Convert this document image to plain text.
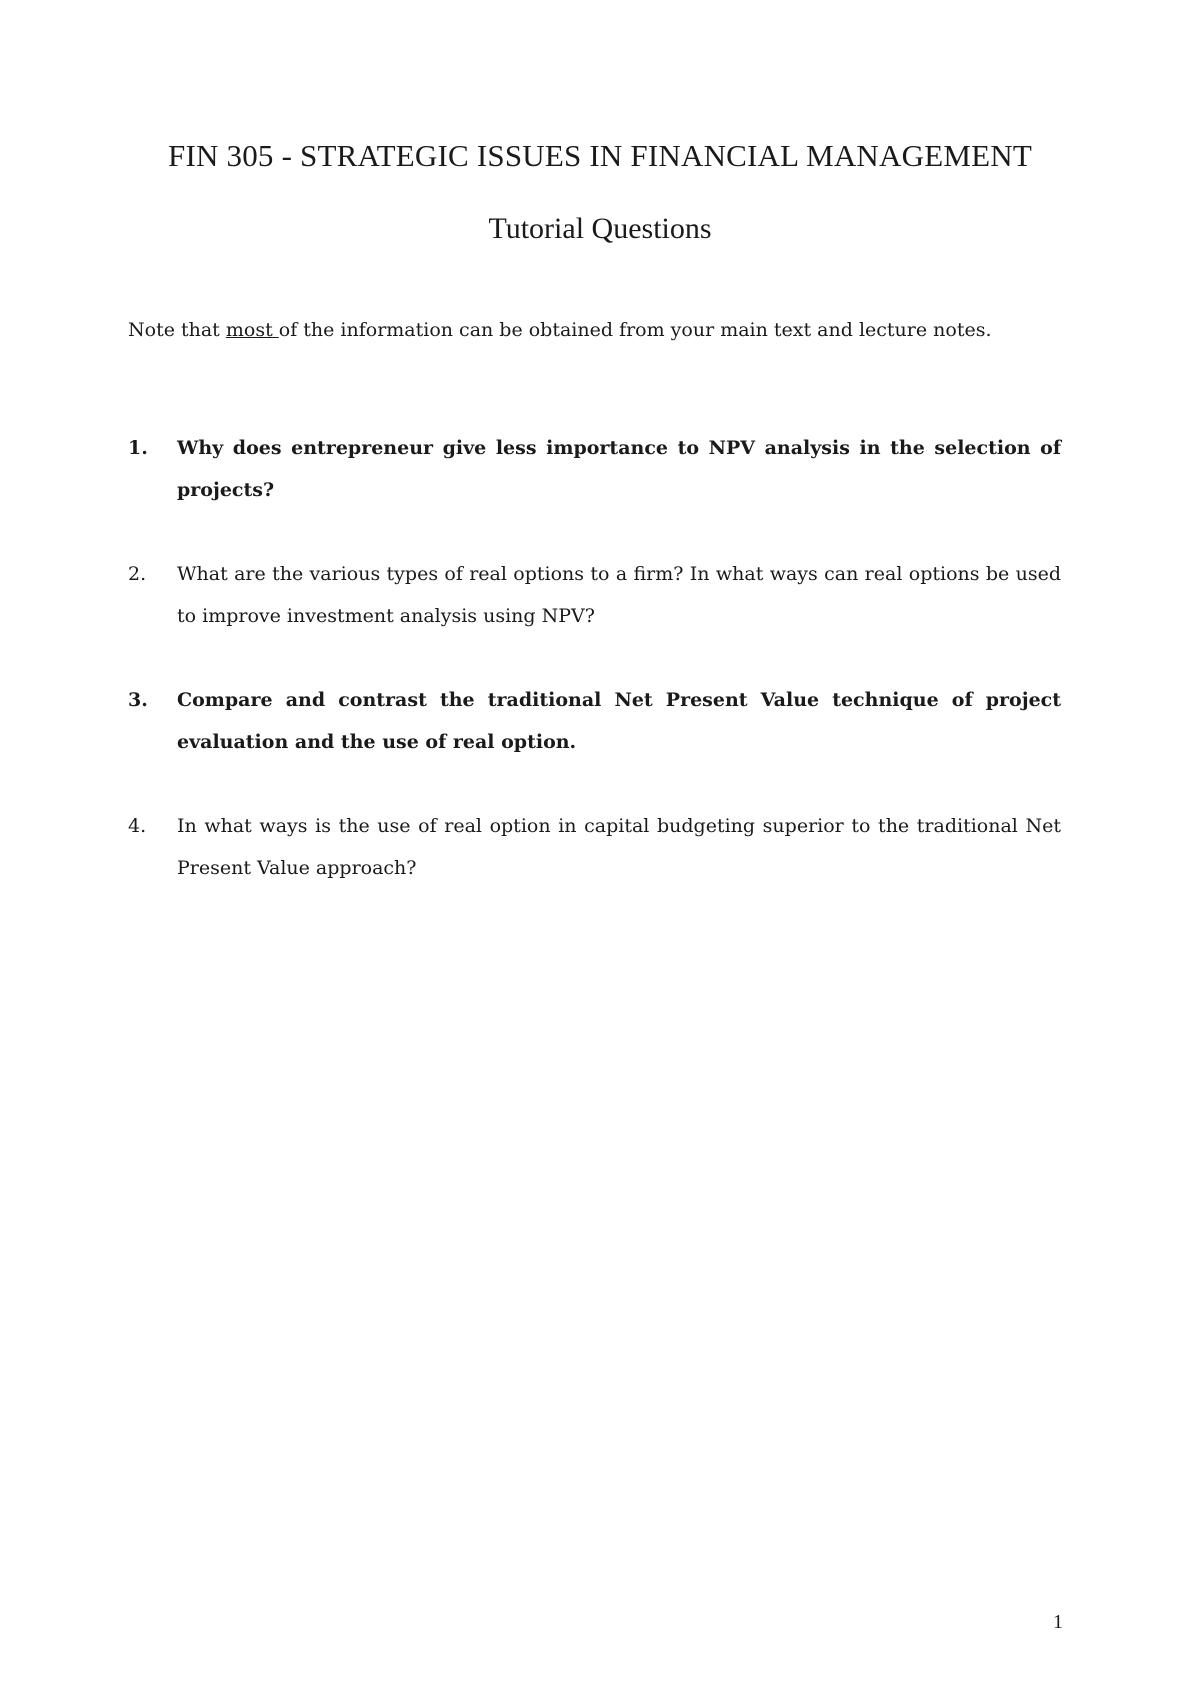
FIN 305 - STRATEGIC ISSUES IN FINANCIAL MANAGEMENT
Tutorial Questions

Note that most of the information can be obtained from your main text and lecture notes.

1. Why does entrepreneur give less importance to NPV analysis in the selection of projects?
2. What are the various types of real options to a firm? In what ways can real options be used to improve investment analysis using NPV?
3. Compare and contrast the traditional Net Present Value technique of project evaluation and the use of real option.
4. In what ways is the use of real option in capital budgeting superior to the traditional Net Present Value approach?

1
